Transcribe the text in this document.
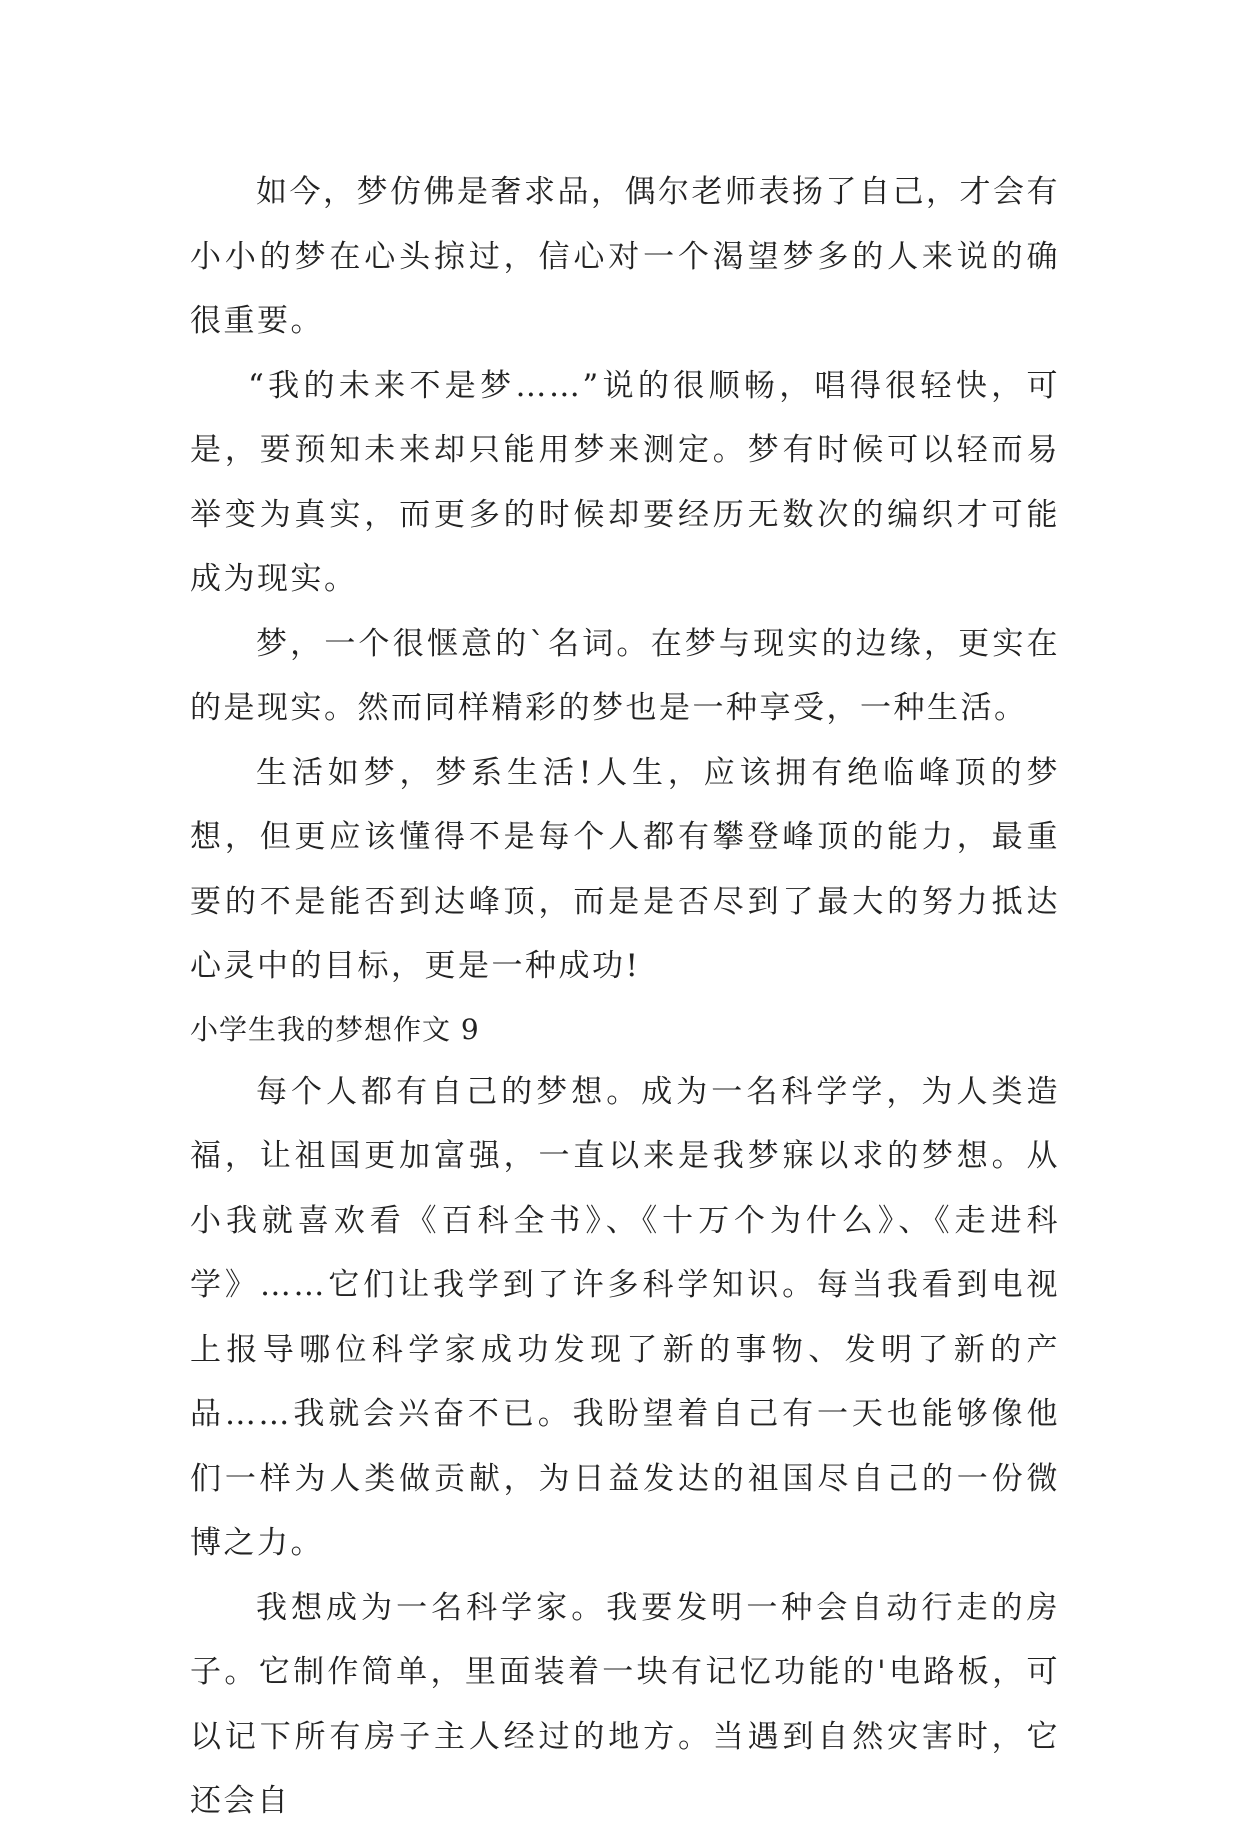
如今，梦仿佛是奢求品，偶尔老师表扬了自己，才会有小小的梦在心头掠过，信心对一个渴望梦多的人来说的确很重要。

“我的未来不是梦……”说的很顺畅，唱得很轻快，可是，要预知未来却只能用梦来测定。梦有时候可以轻而易举变为真实，而更多的时候却要经历无数次的编织才可能成为现实。

梦，一个很惬意的`名词。在梦与现实的边缘，更实在的是现实。然而同样精彩的梦也是一种享受，一种生活。

生活如梦，梦系生活!人生，应该拥有绝临峰顶的梦想，但更应该懂得不是每个人都有攀登峰顶的能力，最重要的不是能否到达峰顶，而是是否尽到了最大的努力抵达心灵中的目标，更是一种成功!

小学生我的梦想作文 9

每个人都有自己的梦想。成为一名科学学，为人类造福，让祖国更加富强，一直以来是我梦寐以求的梦想。从小我就喜欢看《百科全书》、《十万个为什么》、《走进科学》……它们让我学到了许多科学知识。每当我看到电视上报导哪位科学家成功发现了新的事物、发明了新的产品……我就会兴奋不已。我盼望着自己有一天也能够像他们一样为人类做贡献，为日益发达的祖国尽自己的一份微博之力。

我想成为一名科学家。我要发明一种会自动行走的房子。它制作简单，里面装着一块有记忆功能的'电路板，可以记下所有房子主人经过的地方。当遇到自然灾害时，它还会自
